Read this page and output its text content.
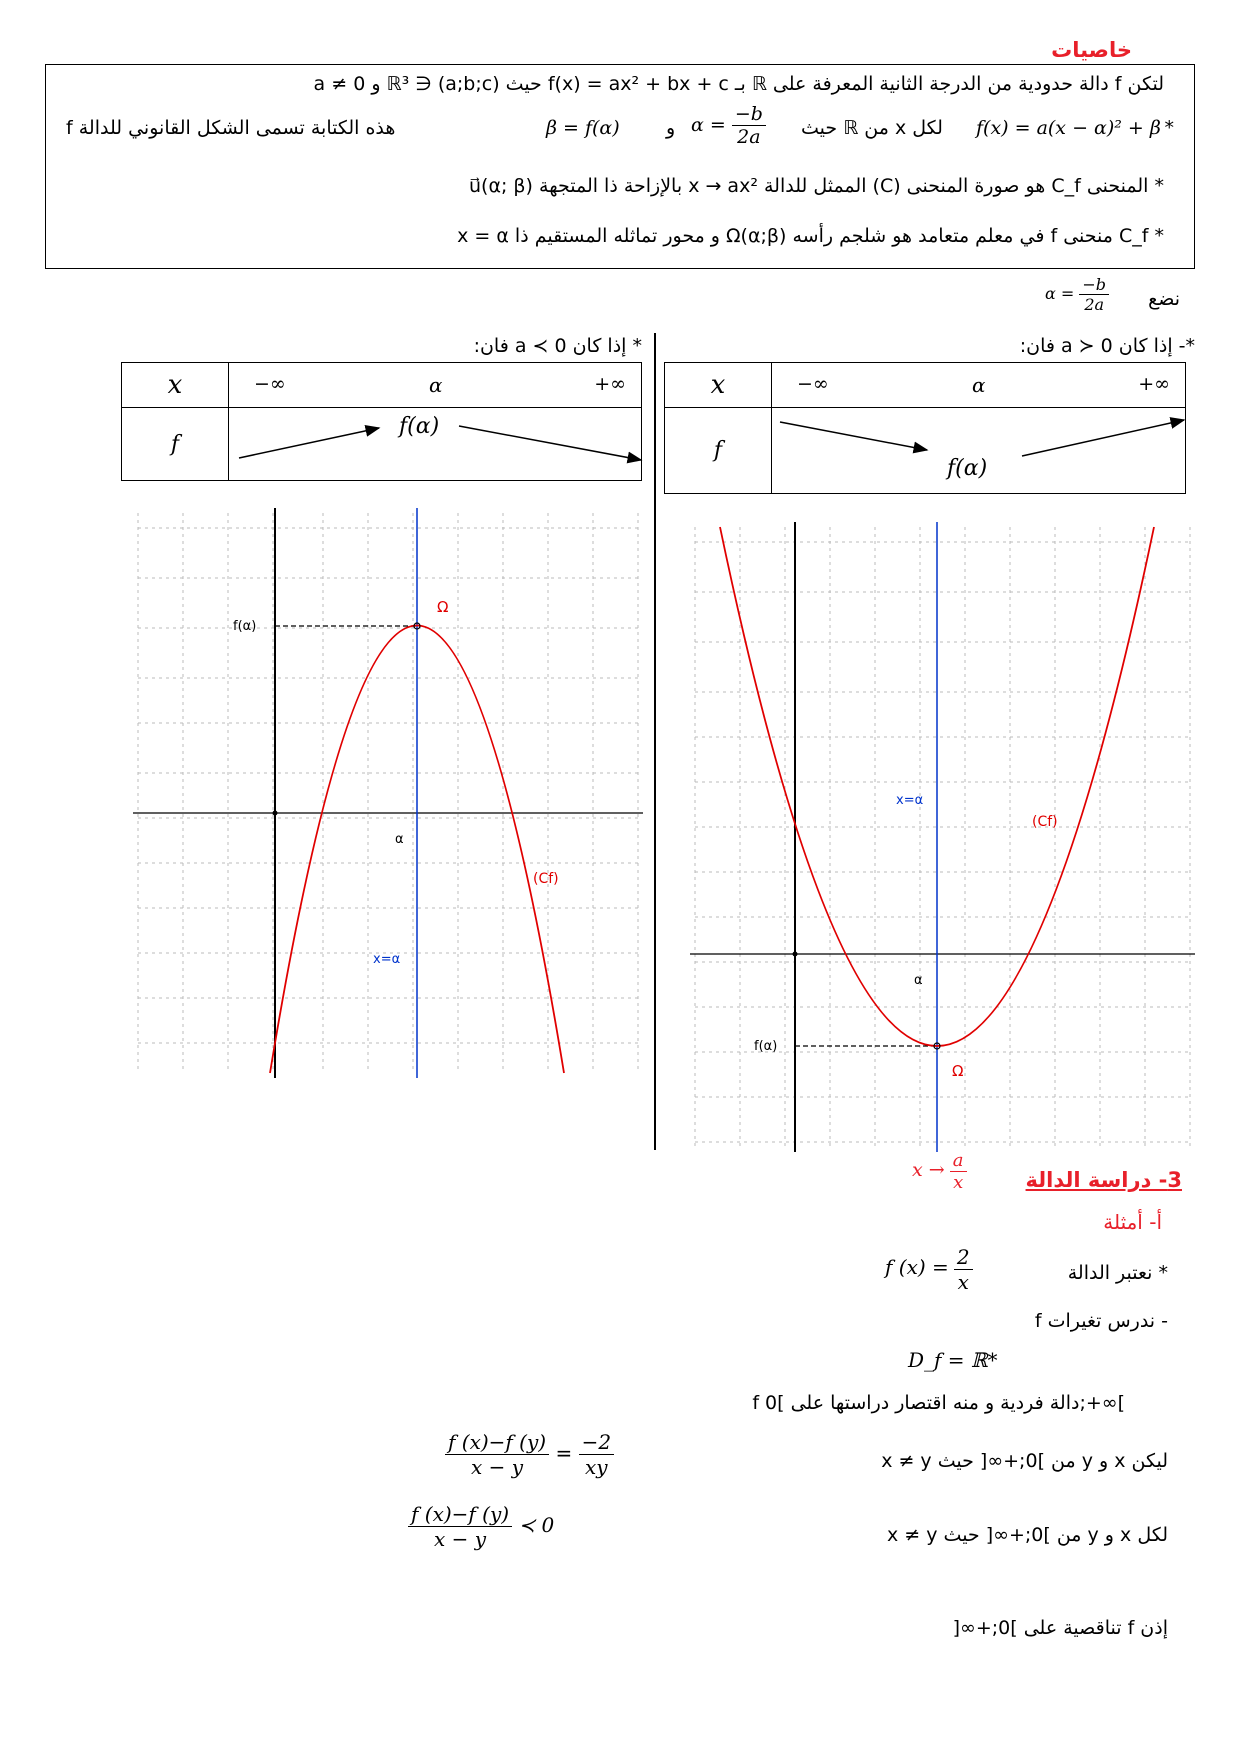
خاصيات
لتكن f دالة حدودية من الدرجة الثانية المعرفة على ℝ بـ f(x) = ax² + bx + c حيث (a;b;c) ∈ ℝ³ و a ≠ 0
هذه الكتابة تسمى الشكل القانوني للدالة f	β = f(α) و $\alpha = \frac{-b}{2a}$ لكل x من ℝ حيث f(x) = a(x − α)² + β *
* المنحنى C_f هو صورة المنحنى (C) الممثل للدالة x → ax² بالإزاحة ذا المتجهة u⃗(α; β)
* C_f منحنى f في معلم متعامد هو شلجم رأسه Ω(α;β) و محور تماثله المستقيم ذا x = α
نضع
$\alpha = \frac{-b}{2a}$
*- إذا كان a ≻ 0 فان:
* إذا كان a ≺ 0 فان:
x	−∞ α +∞

f	f(α)
x	−∞ α +∞

f	f(α)
f(α)
Ω
α
x=α
(Cf)
f(α)
Ω
α
x=α
(Cf)
3- دراسة الدالة
$x \to \frac{a}{x}$
أ- أمثلة
* نعتبر الدالة
f $(x) = \frac{2}{x}$
- ندرس تغيرات f
D_f = ℝ*
f دالة فردية و منه اقتصار دراستها على ]0;+∞[
ليكن x و y من ]0;+∞[ حيث x ≠ y
$\frac{f (x)-f (y)}{x - y} = \frac{-2}{xy}$
لكل x و y من ]0;+∞[ حيث x ≠ y
$\frac{f (x)-f (y)}{x - y}$ ≺ 0
إذن f تناقصية على ]0;+∞[
